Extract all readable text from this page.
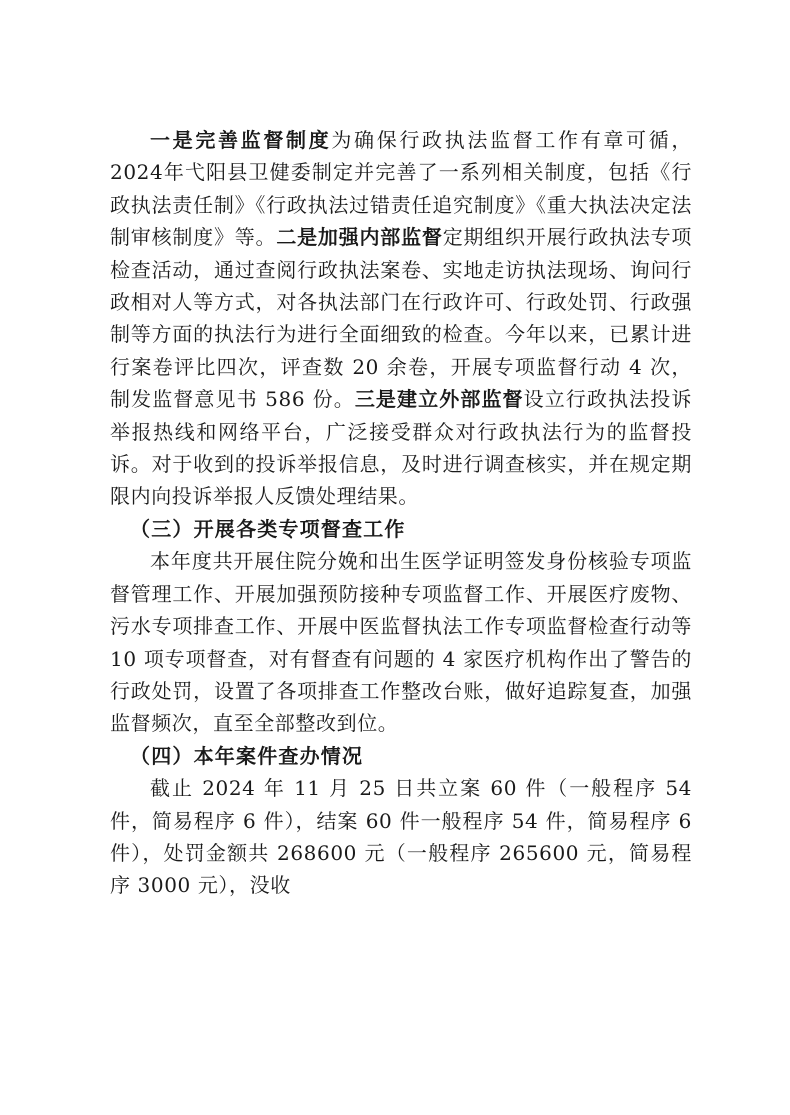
一是完善监督制度为确保行政执法监督工作有章可循，2024年弋阳县卫健委制定并完善了一系列相关制度，包括《行政执法责任制》《行政执法过错责任追究制度》《重大执法决定法制审核制度》等。二是加强内部监督定期组织开展行政执法专项检查活动，通过查阅行政执法案卷、实地走访执法现场、询问行政相对人等方式，对各执法部门在行政许可、行政处罚、行政强制等方面的执法行为进行全面细致的检查。今年以来，已累计进行案卷评比四次，评查数 20 余卷，开展专项监督行动 4 次，制发监督意见书 586 份。三是建立外部监督设立行政执法投诉举报热线和网络平台，广泛接受群众对行政执法行为的监督投诉。对于收到的投诉举报信息，及时进行调查核实，并在规定期限内向投诉举报人反馈处理结果。

（三）开展各类专项督查工作

本年度共开展住院分娩和出生医学证明签发身份核验专项监督管理工作、开展加强预防接种专项监督工作、开展医疗废物、污水专项排查工作、开展中医监督执法工作专项监督检查行动等 10 项专项督查，对有督查有问题的 4 家医疗机构作出了警告的行政处罚，设置了各项排查工作整改台账，做好追踪复查，加强监督频次，直至全部整改到位。

（四）本年案件查办情况

截止 2024 年 11 月 25 日共立案 60 件（一般程序 54 件，简易程序 6 件），结案 60 件一般程序 54 件，简易程序 6 件），处罚金额共 268600 元（一般程序 265600 元，简易程序 3000 元），没收
